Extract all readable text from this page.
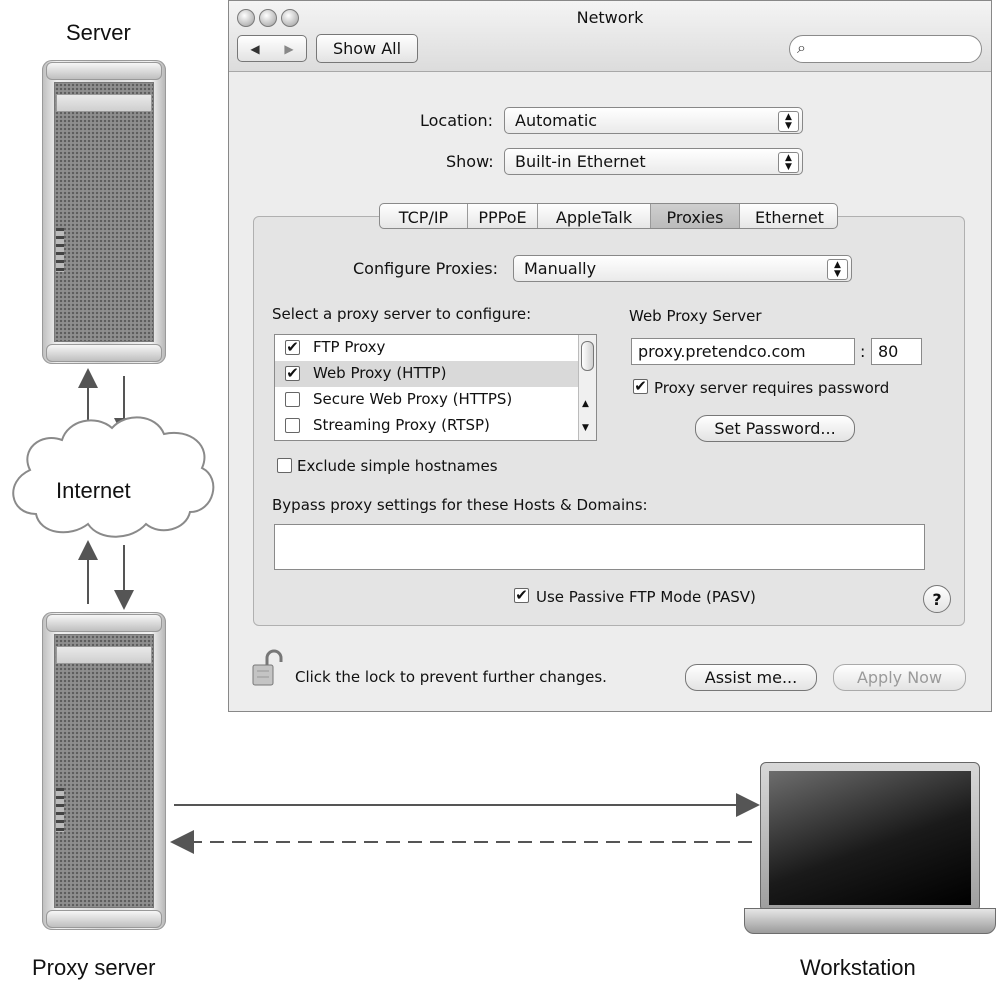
Server
Internet
Proxy server	Workstation
Network
◀ ▶	Show All	⌕
Location: Automatic	▲
▼
Show: Built-in Ethernet	▲
▼
TCP/IP	PPPoE	AppleTalk	Proxies	Ethernet
Configure Proxies: Manually	▲
▼
Select a proxy server to configure:
✔ FTP Proxy
✔ Web Proxy (HTTP)
Secure Web Proxy (HTTPS)
Streaming Proxy (RTSP)
▲
▼
Web Proxy Server
proxy.pretendco.com	: 80
✔ Proxy server requires password
Set Password...
Exclude simple hostnames
Bypass proxy settings for these Hosts & Domains:
✔ Use Passive FTP Mode (PASV)	?
Click the lock to prevent further changes.	Assist me...	Apply Now
